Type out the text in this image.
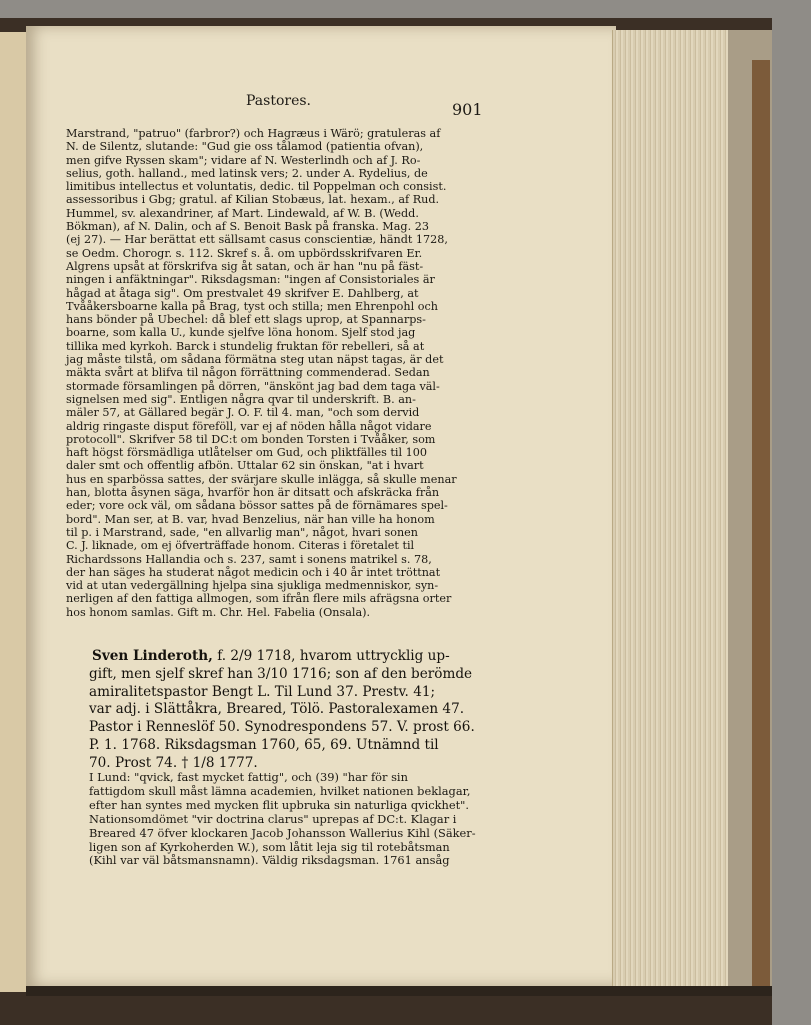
Pastores.	901
Marstrand, "patruo" (farbror?) och Hagræus i Wärö; gratuleras af
N. de Silentz, slutande: "Gud gie oss tålamod (patientia ofvan),
men gifve Ryssen skam"; vidare af N. Westerlindh och af J. Ro-
selius, goth. halland., med latinsk vers; 2. under A. Rydelius, de
limitibus intellectus et voluntatis, dedic. til Poppelman och consist.
assessoribus i Gbg; gratul. af Kilian Stobæus, lat. hexam., af Rud.
Hummel, sv. alexandriner, af Mart. Lindewald, af W. B. (Wedd.
Bökman), af N. Dalin, och af S. Benoit Bask på franska. Mag. 23
(ej 27). — Har berättat ett sällsamt casus conscientiæ, händt 1728,
se Oedm. Chorogr. s. 112. Skref s. å. om upbördsskrifvaren Er.
Algrens upsåt at förskrifva sig åt satan, och är han "nu på fäst-
ningen i anfäktningar". Riksdagsman: "ingen af Consistoriales är
hågad at åtaga sig". Om prestvalet 49 skrifver E. Dahlberg, at
Tvååkersboarne kalla på Brag, tyst och stilla; men Ehrenpohl och
hans bönder på Ubechel: då blef ett slags uprор, at Spannarps-
boarne, som kalla U., kunde sjelfve löna honom. Sjelf stod jag
tillika med kyrkoh. Barck i stundelig fruktan för rebelleri, så at
jag måste tilstå, om sådana förmätna steg utan näpst tagas, är det
mäkta svårt at blifva til någon förrättning commenderad. Sedan
stormade församlingen på dörren, "änskönt jag bad dem taga väl-
signelsen med sig". Entligen några qvar til underskrift. B. an-
mäler 57, at Gällared begär J. O. F. til 4. man, "och som dervid
aldrig ringaste disput föreföll, var ej af nöden hålla något vidare
protocoll". Skrifver 58 til DC:t om bonden Torsten i Tvååker, som
haft högst försmädliga utlåtelser om Gud, och pliktfälles til 100
daler smt och offentlig afbön. Uttalar 62 sin önskan, "at i hvart
hus en sparbössa sattes, der svärjare skulle inlägga, så skulle menar
han, blotta åsynen säga, hvarför hon är ditsatt och afskräcka från
eder; vore ock väl, om sådana bössor sattes på de förnämares spel-
bord". Man ser, at B. var, hvad Benzelius, när han ville ha honom
til p. i Marstrand, sade, "en allvarlig man", något, hvari sonen
C. J. liknade, om ej öfverträffade honom. Citeras i företalet til
Richardssons Hallandia och s. 237, samt i sonens matrikel s. 78,
der han säges ha studerat något medicin och i 40 år intet tröttnat
vid at utan vedergällning hjelpa sina sjukliga medmenniskor, syn-
nerligen af den fattiga allmogen, som ifrån flere mils afrägsna orter
hos honom samlas. Gift m. Chr. Hel. Fabelia (Onsala).
Sven Linderoth, f. 2/9 1718, hvarom uttrycklig up-
gift, men sjelf skref han 3/10 1716; son af den berömde
amiralitetspastor Bengt L. Til Lund 37. Prestv. 41;
var adj. i Slättåkra, Breared, Tölö. Pastoralexamen 47.
Pastor i Renneslöf 50. Synodrespondens 57. V. prost 66.
P. 1. 1768. Riksdagsman 1760, 65, 69. Utnämnd til
70. Prost 74. † 1/8 1777.
I Lund: "qvick, fast mycket fattig", och (39) "har för sin
fattigdom skull måst lämna academien, hvilket nationen beklagar,
efter han syntes med mycken flit upbruka sin naturliga qvickhet".
Nationsomdömet "vir doctrina clarus" uprepas af DC:t. Klagar i
Breared 47 öfver klockaren Jacob Johansson Wallerius Kihl (Säker-
ligen son af Kyrkoherden W.), som låtit leja sig til rotebåtsman
(Kihl var väl båtsmansnamn). Väldig riksdagsman. 1761 ansåg
